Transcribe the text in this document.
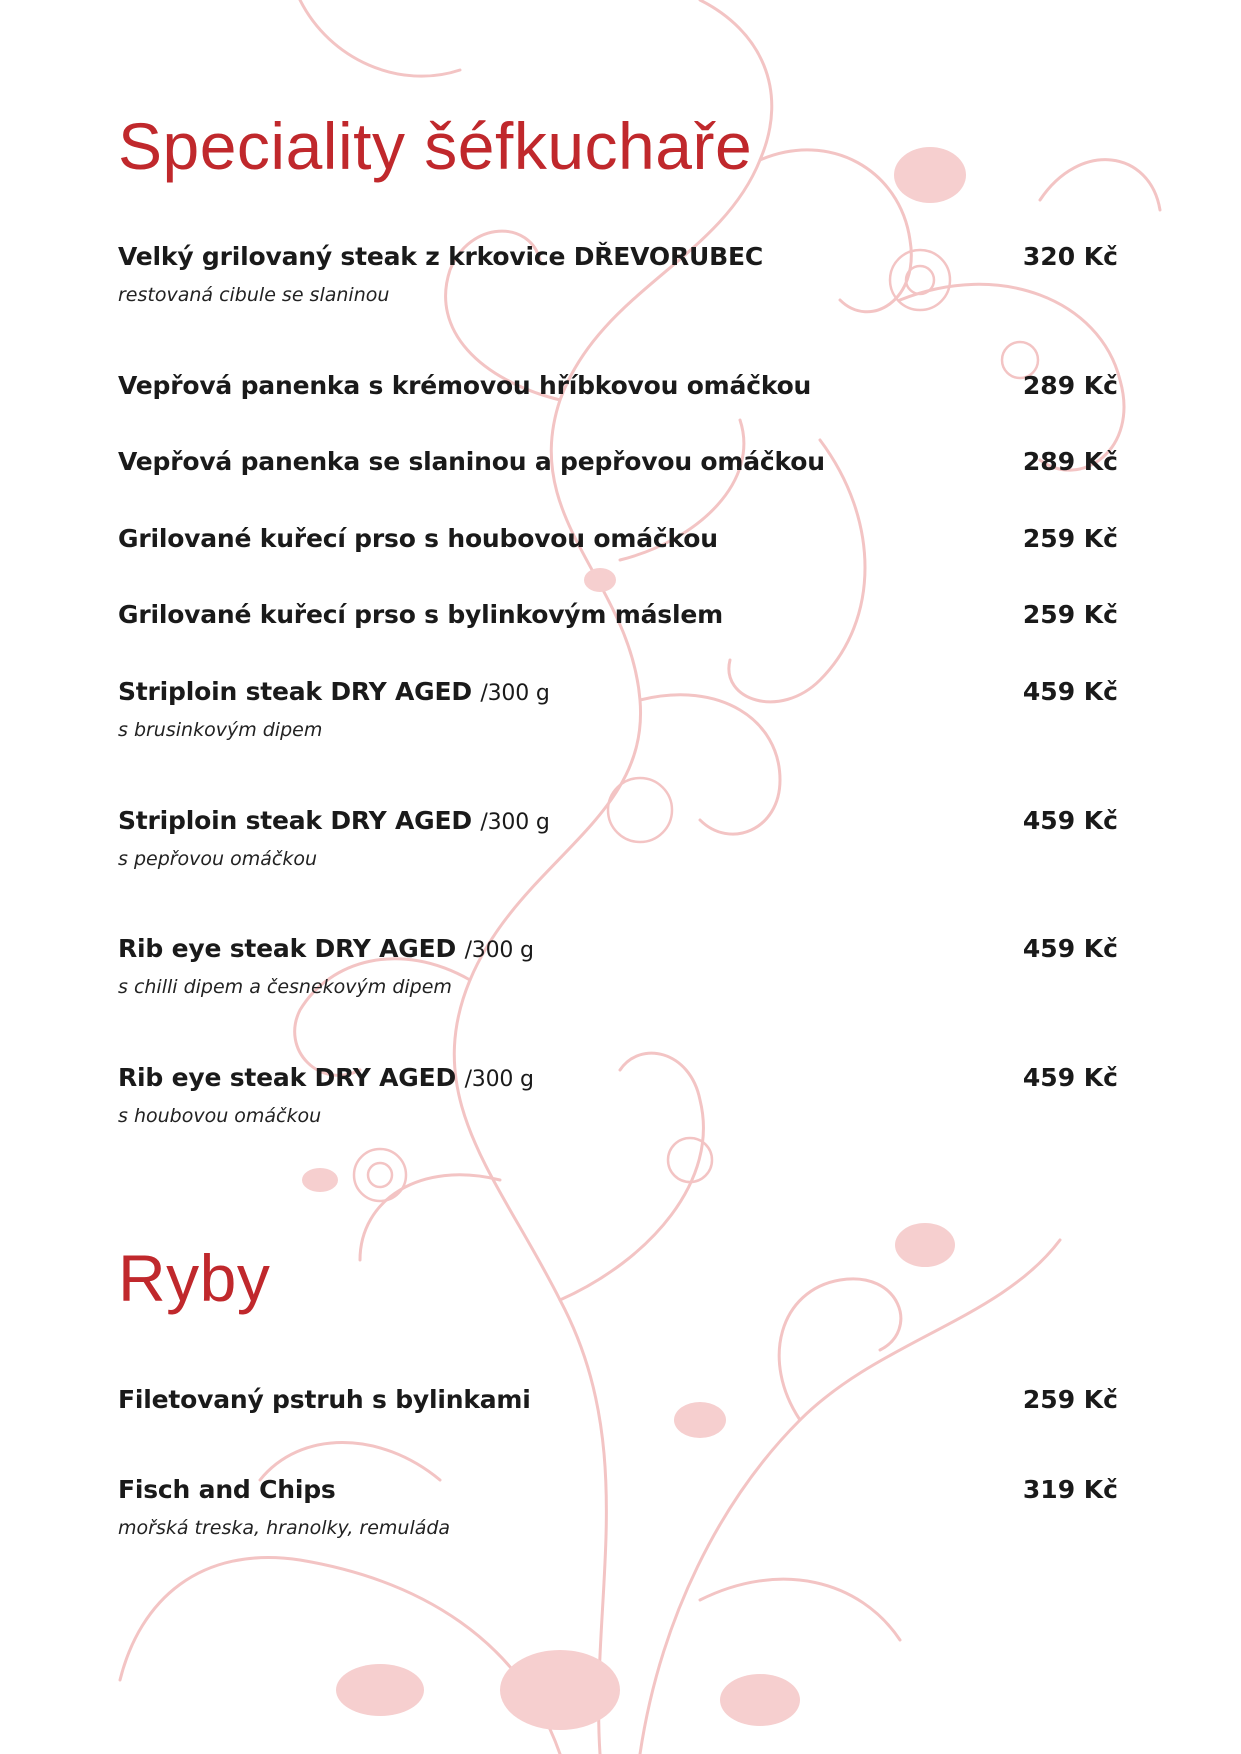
Speciality šéfkuchaře
Velký grilovaný steak z krkovice DŘEVORUBEC	320 Kč
restovaná cibule se slaninou
Vepřová panenka s krémovou hříbkovou omáčkou	289 Kč
Vepřová panenka se slaninou a pepřovou omáčkou	289 Kč
Grilované kuřecí prso s houbovou omáčkou	259 Kč
Grilované kuřecí prso s bylinkovým máslem	259 Kč
Striploin steak DRY AGED /300 g	459 Kč
s brusinkovým dipem
Striploin steak DRY AGED /300 g	459 Kč
s pepřovou omáčkou
Rib eye steak DRY AGED /300 g	459 Kč
s chilli dipem a česnekovým dipem
Rib eye steak DRY AGED /300 g	459 Kč
s houbovou omáčkou
Ryby
Filetovaný pstruh s bylinkami	259 Kč
Fisch and Chips	319 Kč
mořská treska, hranolky, remuláda
